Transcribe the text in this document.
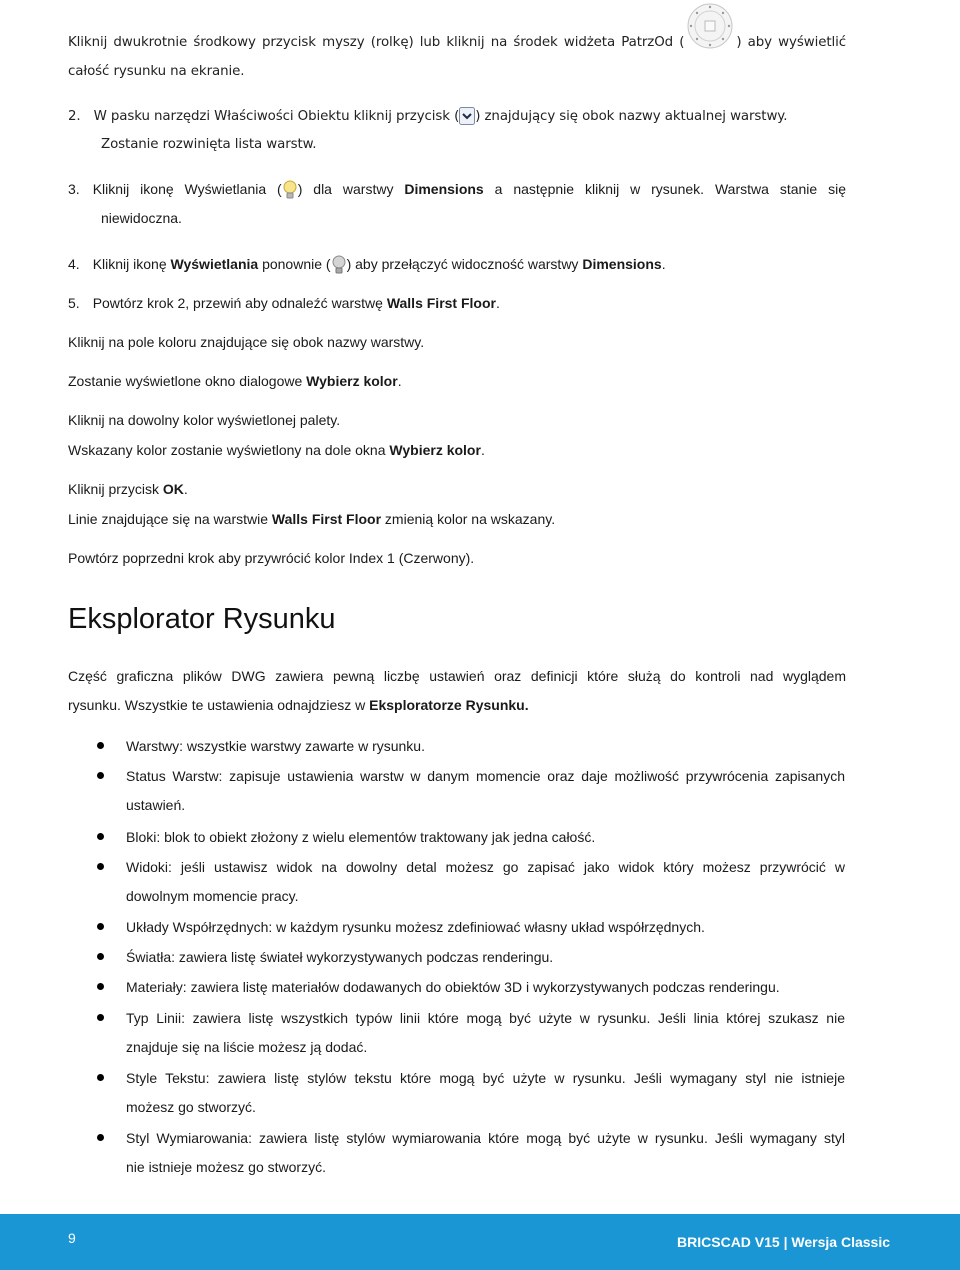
Kliknij dwukrotnie środkowy przycisk myszy (rolkę) lub kliknij na środek widżeta PatrzOd (	) aby wyświetlić
całość rysunku na ekranie.
2. W pasku narzędzi Właściwości Obiektu kliknij przycisk ( ) znajdujący się obok nazwy aktualnej warstwy.
Zostanie rozwinięta lista warstw.
3. Kliknij ikonę Wyświetlania ( ) dla warstwy Dimensions a następnie kliknij w rysunek. Warstwa stanie się
niewidoczna.
4. Kliknij ikonę Wyświetlania ponownie ( ) aby przełączyć widoczność warstwy Dimensions.
5. Powtórz krok 2, przewiń aby odnaleźć warstwę Walls First Floor.
Kliknij na pole koloru znajdujące się obok nazwy warstwy.
Zostanie wyświetlone okno dialogowe Wybierz kolor.
Kliknij na dowolny kolor wyświetlonej palety.
Wskazany kolor zostanie wyświetlony na dole okna Wybierz kolor.
Kliknij przycisk OK.
Linie znajdujące się na warstwie Walls First Floor zmienią kolor na wskazany.
Powtórz poprzedni krok aby przywrócić kolor Index 1 (Czerwony).
Eksplorator Rysunku
Część graficzna plików DWG zawiera pewną liczbę ustawień oraz definicji które służą do kontroli nad wyglądem
rysunku. Wszystkie te ustawienia odnajdziesz w Eksploratorze Rysunku.
Warstwy: wszystkie warstwy zawarte w rysunku.
Status Warstw: zapisuje ustawienia warstw w danym momencie oraz daje możliwość przywrócenia zapisanych
ustawień.
Bloki: blok to obiekt złożony z wielu elementów traktowany jak jedna całość.
Widoki: jeśli ustawisz widok na dowolny detal możesz go zapisać jako widok który możesz przywrócić w
dowolnym momencie pracy.
Układy Współrzędnych: w każdym rysunku możesz zdefiniować własny układ współrzędnych.
Światła: zawiera listę świateł wykorzystywanych podczas renderingu.
Materiały: zawiera listę materiałów dodawanych do obiektów 3D i wykorzystywanych podczas renderingu.
Typ Linii: zawiera listę wszystkich typów linii które mogą być użyte w rysunku. Jeśli linia której szukasz nie
znajduje się na liście możesz ją dodać.
Style Tekstu: zawiera listę stylów tekstu które mogą być użyte w rysunku. Jeśli wymagany styl nie istnieje
możesz go stworzyć.
Styl Wymiarowania: zawiera listę stylów wymiarowania które mogą być użyte w rysunku. Jeśli wymagany styl
nie istnieje możesz go stworzyć.
9	BRICSCAD V15 | Wersja Classic
